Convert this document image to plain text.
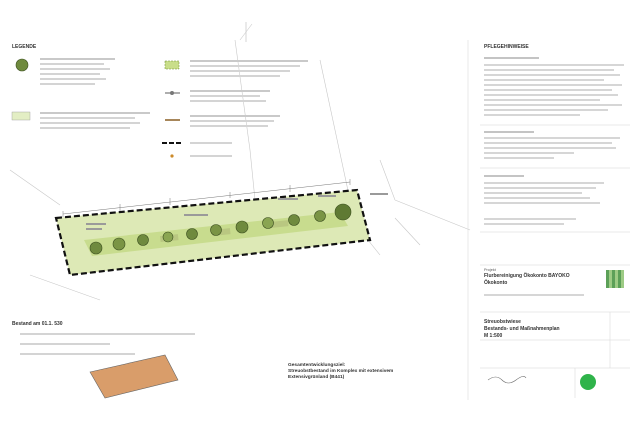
LEGENDE	PFLEGEHINWEISE
Projekt
Flurbereinigung Ökokonto BAYOKO
Ökokonto
Streuobstwiese
Bestands- und Maßnahmenplan
M 1:500
Bestand am 01.1. 530
Gesamtentwicklungsziel:
Streuobstbestand im Komplex mit extensivem
Extensivgrünland (B441)
